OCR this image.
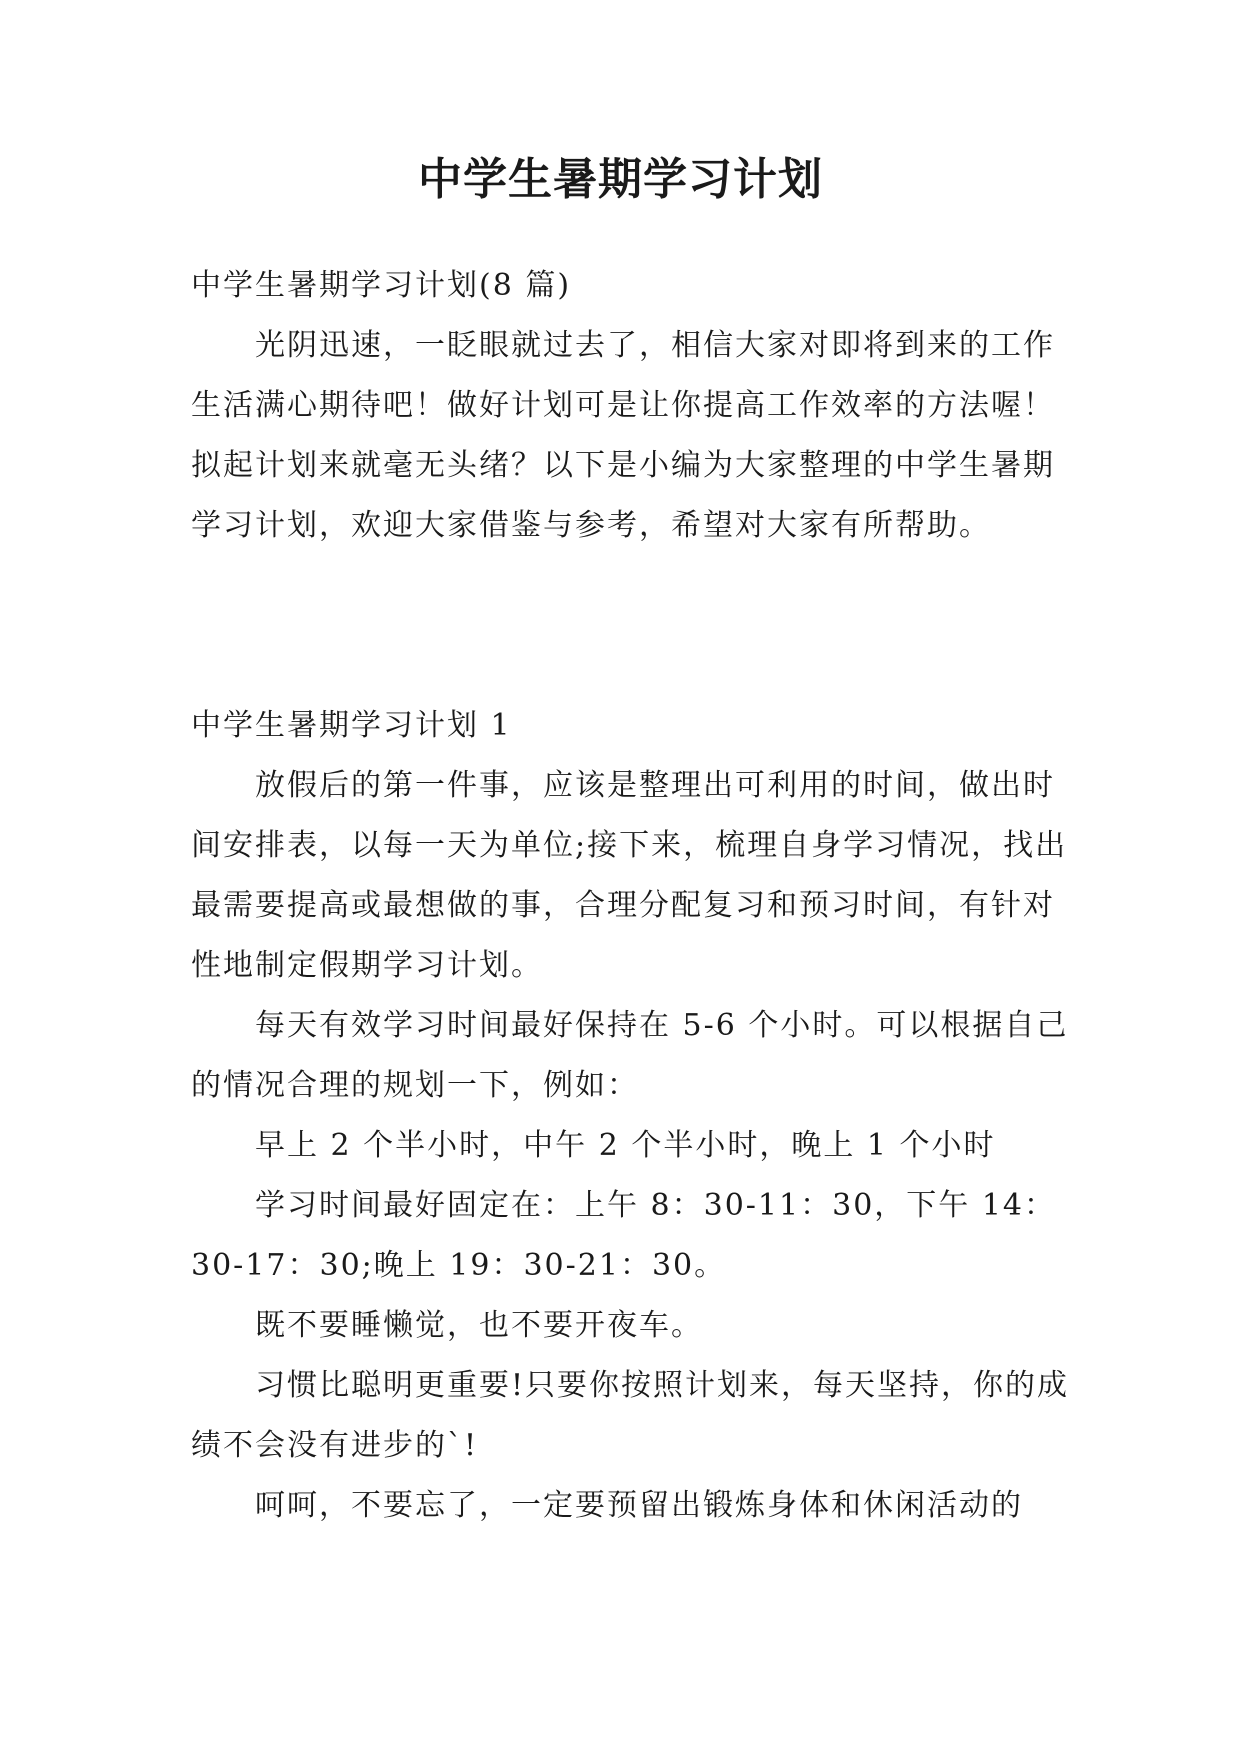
中学生暑期学习计划

中学生暑期学习计划(8 篇)

光阴迅速，一眨眼就过去了，相信大家对即将到来的工作生活满心期待吧！做好计划可是让你提高工作效率的方法喔！拟起计划来就毫无头绪？以下是小编为大家整理的中学生暑期学习计划，欢迎大家借鉴与参考，希望对大家有所帮助。

中学生暑期学习计划 1

放假后的第一件事，应该是整理出可利用的时间，做出时间安排表，以每一天为单位;接下来，梳理自身学习情况，找出最需要提高或最想做的事，合理分配复习和预习时间，有针对性地制定假期学习计划。

每天有效学习时间最好保持在 5-6 个小时。可以根据自己的情况合理的规划一下，例如：

早上 2 个半小时，中午 2 个半小时，晚上 1 个小时

学习时间最好固定在：上午 8：30-11：30，下午 14：30-17：30;晚上 19：30-21：30。

既不要睡懒觉，也不要开夜车。

习惯比聪明更重要!只要你按照计划来，每天坚持，你的成绩不会没有进步的`!

呵呵，不要忘了，一定要预留出锻炼身体和休闲活动的
